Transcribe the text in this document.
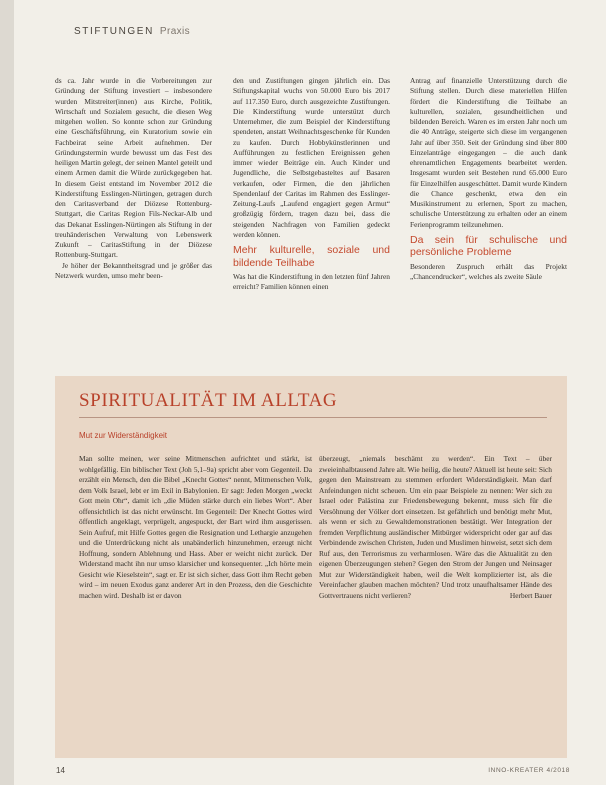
STIFTUNGEN Praxis

ds ca. Jahr wurde in die Vorbereitungen zur Gründung der Stiftung investiert – insbesondere wurden Mitstreiter(innen) aus Kirche, Politik, Wirtschaft und Sozialem gesucht, die diesen Weg mitgehen wollen. So konnte schon zur Gründung eine Geschäftsführung, ein Kuratorium sowie ein Fachbeirat seine Arbeit aufnehmen. Der Gründungstermin wurde bewusst um das Fest des heiligen Martin gelegt, der seinen Mantel geteilt und einem Armen damit die Würde zurückgegeben hat. In diesem Geist entstand im November 2012 die Kinderstiftung Esslingen-Nürtingen, getragen durch den Caritasverband der Diözese Rottenburg-Stuttgart, die Caritas Region Fils-Neckar-Alb und das Dekanat Esslingen-Nürtingen als Stiftung in der treuhänderischen Verwaltung von Lebenswerk Zukunft – CaritasStiftung in der Diözese Rottenburg-Stuttgart.

Je höher der Bekanntheitsgrad und je größer das Netzwerk wurden, umso mehr been-

den und Zustiftungen gingen jährlich ein. Das Stiftungskapital wuchs von 50.000 Euro bis 2017 auf 117.350 Euro, durch ausgezeichte Zustiftungen. Die Kinderstiftung wurde unterstützt durch Unternehmer, die zum Beispiel der Kinderstiftung spendeten, anstatt Weihnachtsgeschenke für Kunden zu kaufen. Durch Hobbykünstlerinnen und Aufführungen zu festlichen Ereignissen gehen immer wieder Beiträge ein. Auch Kinder und Jugendliche, die Selbstgebasteltes auf Basaren verkaufen, oder Firmen, die den jährlichen Spendenlauf der Caritas im Rahmen des Esslinger-Zeitung-Laufs „Laufend engagiert gegen Armut“ großzügig fördern, tragen dazu bei, dass die steigenden Nachfragen von Familien gedeckt werden können.

Mehr kulturelle, soziale und bildende Teilhabe

Was hat die Kinderstiftung in den letzten fünf Jahren erreicht? Familien können einen

Antrag auf finanzielle Unterstützung durch die Stiftung stellen. Durch diese materiellen Hilfen fördert die Kinderstiftung die Teilhabe an kulturellen, sozialen, gesundheitlichen und bildenden Bereich. Waren es im ersten Jahr noch um die 40 Anträge, steigerte sich diese im vergangenen Jahr auf über 350. Seit der Gründung sind über 800 Einzelanträge eingegangen – die auch dank ehrenamtlichen Engagements bearbeitet werden. Insgesamt wurden seit Bestehen rund 65.000 Euro für Einzelhilfen ausgeschüttet. Damit wurde Kindern die Chance geschenkt, etwa den ein Musikinstrument zu erlernen, Sport zu machen, schulische Unterstützung zu erhalten oder an einem Ferienprogramm teilzunehmen.

Da sein für schulische und persönliche Probleme

Besonderen Zuspruch erhält das Projekt „Chancendrucker“, welches als zweite Säule

SPIRITUALITÄT IM ALLTAG
Mut zur Widerständigkeit

Man sollte meinen, wer seine Mitmenschen aufrichtet und stärkt, ist wohlgefällig. Ein biblischer Text (Joh 5,1–9a) spricht aber vom Gegenteil. Da erzählt ein Mensch, den die Bibel „Knecht Gottes“ nennt, Mitmenschen Volk, dem Volk Israel, lebt er im Exil in Babylonien. Er sagt: Jeden Morgen „weckt Gott mein Ohr“, damit ich „die Müden stärke durch ein liebes Wort“. Aber offensichtlich ist das nicht erwünscht. Im Gegenteil: Der Knecht Gottes wird öffentlich angeklagt, verprügelt, angespuckt, der Bart wird ihm ausgerissen. Sein Aufruf, mit Hilfe Gottes gegen die Resignation und Lethargie anzugehen und die Unterdrückung nicht als unabänderlich hinzunehmen, erzeugt nicht Hoffnung, sondern Ablehnung und Hass. Aber er weicht nicht zurück. Der Widerstand macht ihn nur umso klarsicher und konsequenter. „Ich hörte mein Gesicht wie Kieselstein“, sagt er. Er ist sich sicher, dass Gott ihm Recht geben wird – im neuen Exodus ganz anderer Art in den Prozess, den die Geschichte machen wird. Deshalb ist er davon

überzeugt, „niemals beschämt zu werden“. Ein Text – über zweieinhalbtausend Jahre alt. Wie heilig, die heute? Aktuell ist heute seit: Sich gegen den Mainstream zu stemmen erfordert Widerständigkeit. Man darf Anfeindungen nicht scheuen. Um ein paar Beispiele zu nennen: Wer sich zu Israel oder Palästina zur Friedensbewegung bekennt, muss sich für die Versöhnung der Völker dort einsetzen. Ist gefährlich und benötigt mehr Mut, als wenn er sich zu Gewaltdemonstrationen bestätigt. Wer Integration der fremden Verpflichtung ausländischer Mitbürger widerspricht oder gar auf das Verbindende zwischen Christen, Juden und Muslimen hinweist, setzt sich dem Ruf aus, den Terrorismus zu verharmlosen. Wäre das die Aktualität zu den eigenen Überzeugungen stehen? Gegen den Strom der Jungen und Neinsager Mut zur Widerständigkeit haben, weil die Welt komplizierter ist, als die Vereinfacher glauben machen möchten? Und trotz unaufhaltsamer Hände des Gottvertrauens nicht verlieren?	Herbert Bauer

14	INNO-KREATER 4/2018
